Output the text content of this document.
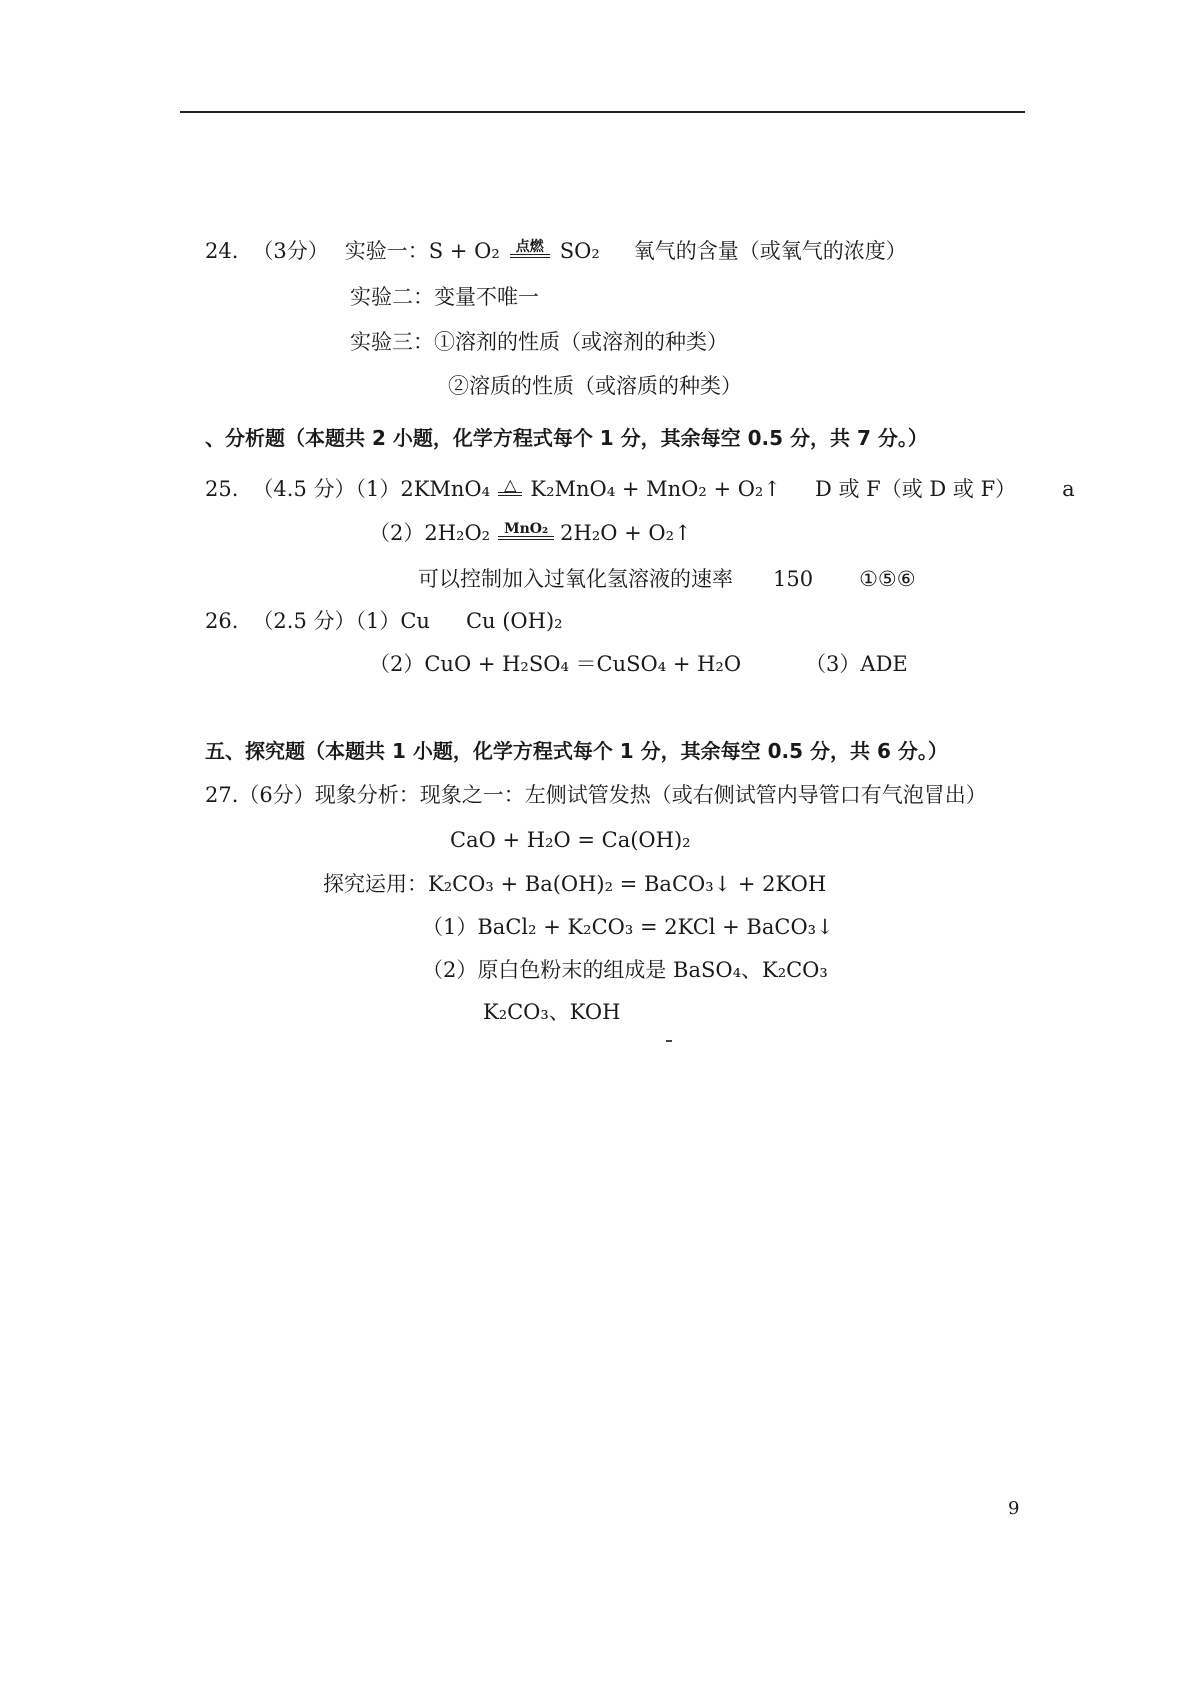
24. （3分） 实验一：S + O₂	点燃 SO₂ 氧气的含量（或氧气的浓度）
实验二：变量不唯一
实验三：①溶剂的性质（或溶剂的种类）
②溶质的性质（或溶质的种类）
、分析题（本题共 2 小题，化学方程式每个 1 分，其余每空 0.5 分，共 7 分。）
25. （4.5 分）（1）2KMnO₄ △ K₂MnO₄ + MnO₂ + O₂↑ D 或 F（或 D 或 F） a
（2）2H₂O₂	MnO₂ 2H₂O + O₂↑
可以控制加入过氧化氢溶液的速率 150 ①⑤⑥
26. （2.5 分）（1）Cu Cu (OH)₂
（2）CuO + H₂SO₄ ＝CuSO₄ + H₂O	（3）ADE
五、探究题（本题共 1 小题，化学方程式每个 1 分，其余每空 0.5 分，共 6 分。）
27.（6分）现象分析：现象之一：左侧试管发热（或右侧试管内导管口有气泡冒出）
CaO + H₂O = Ca(OH)₂
探究运用：K₂CO₃ + Ba(OH)₂ = BaCO₃↓ + 2KOH
（1）BaCl₂ + K₂CO₃ = 2KCl + BaCO₃↓
（2）原白色粉末的组成是 BaSO₄、K₂CO₃
K₂CO₃、KOH
9
